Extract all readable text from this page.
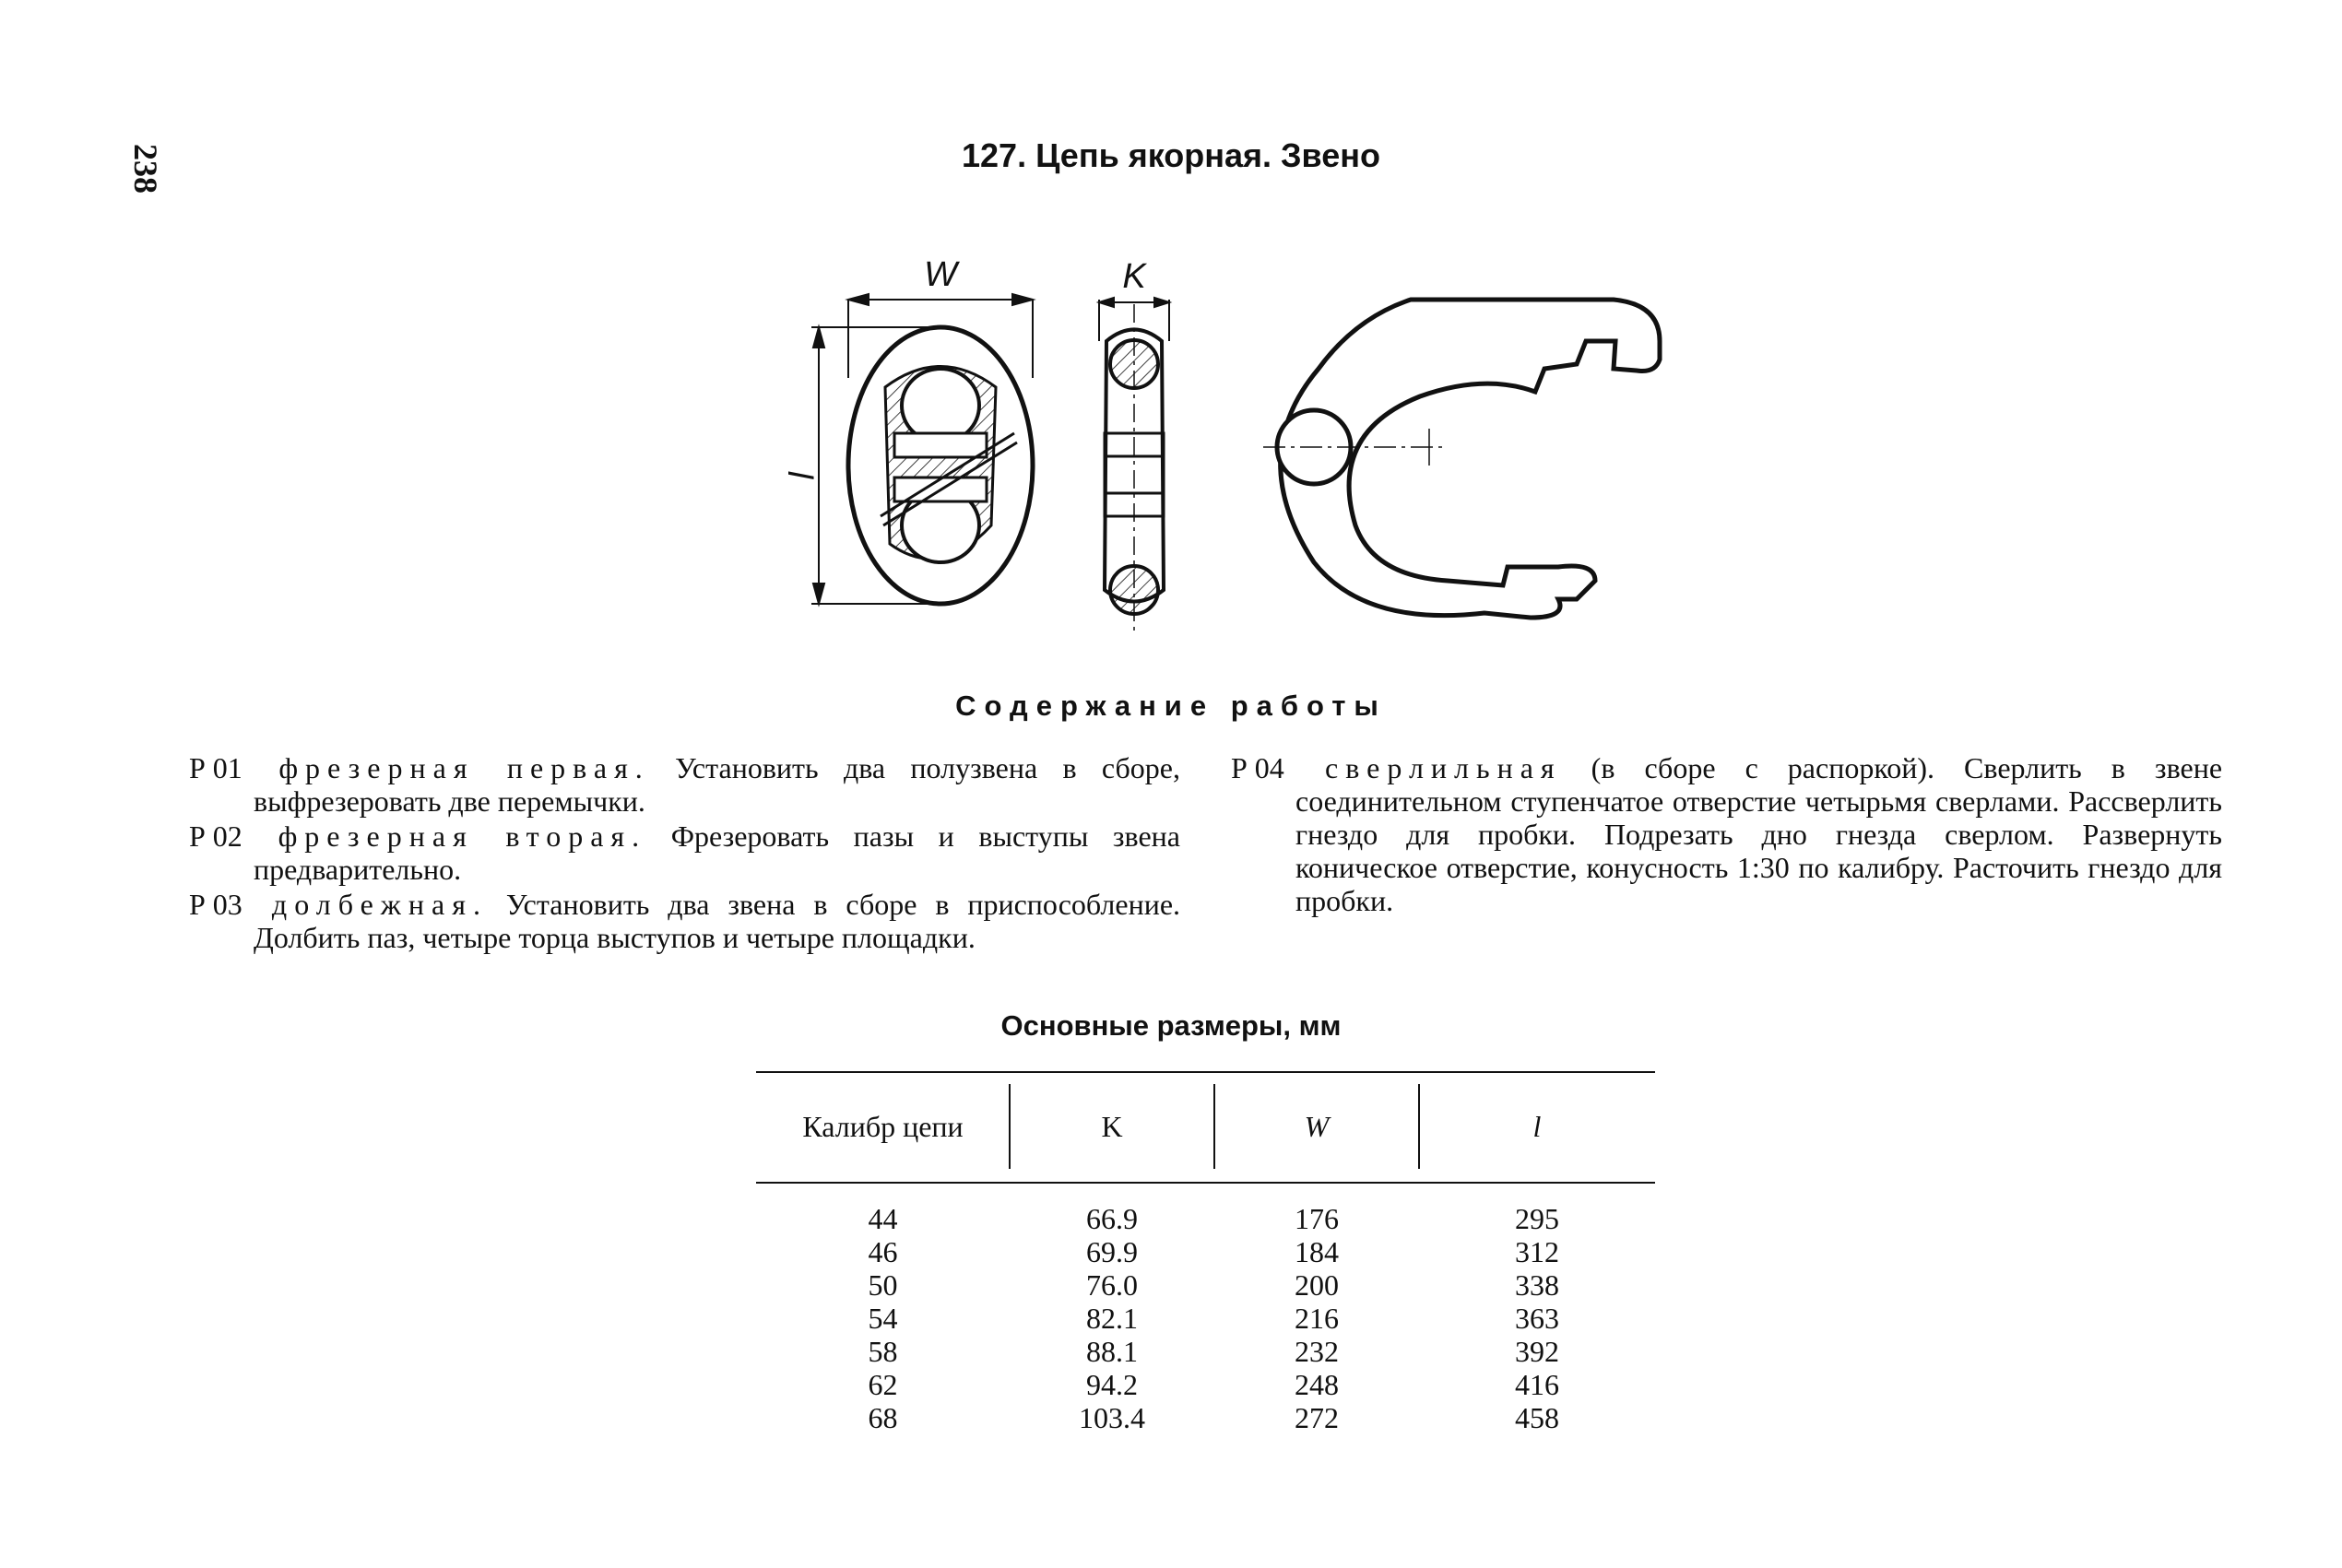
238	127. Цепь якорная. Звено
W	K
l
Содержание работы

Р 01 фрезерная первая. Установить два полузвена в сборе, выфрезеровать две перемычки.

Р 02 фрезерная вторая. Фрезеровать пазы и выступы звена предварительно.

Р 03 долбежная. Установить два звена в сборе в приспособление. Долбить паз, четыре торца выступов и четыре площадки.

Р 04 сверлильная (в сборе с распоркой). Сверлить в звене соединительном ступенчатое отверстие четырьмя сверлами. Рассверлить гнездо для пробки. Подрезать дно гнезда сверлом. Развернуть коническое отверстие, конусность 1:30 по калибру. Расточить гнездо для пробки.

Основные размеры, мм
Калибр цепи	K	W	l
44	66.9	176	295
46	69.9	184	312
50	76.0	200	338
54	82.1	216	363
58	88.1	232	392
62	94.2	248	416
68	103.4	272	458
